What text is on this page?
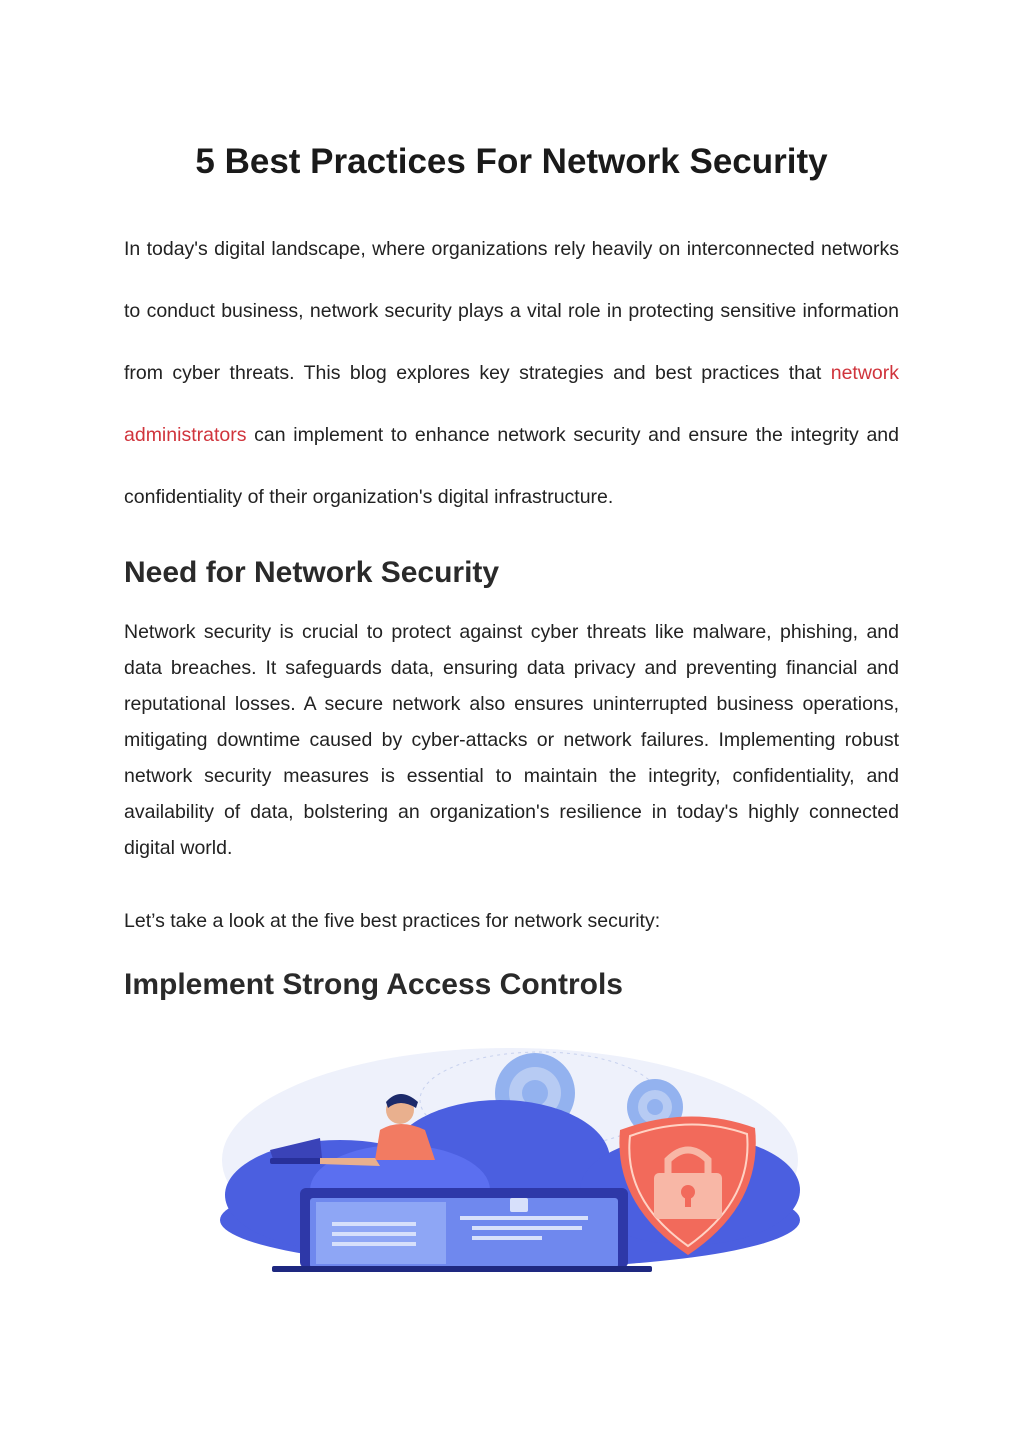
5 Best Practices For Network Security

In today's digital landscape, where organizations rely heavily on interconnected networks to conduct business, network security plays a vital role in protecting sensitive information from cyber threats. This blog explores key strategies and best practices that network administrators can implement to enhance network security and ensure the integrity and confidentiality of their organization's digital infrastructure.

Need for Network Security

Network security is crucial to protect against cyber threats like malware, phishing, and data breaches. It safeguards data, ensuring data privacy and preventing financial and reputational losses. A secure network also ensures uninterrupted business operations, mitigating downtime caused by cyber-attacks or network failures. Implementing robust network security measures is essential to maintain the integrity, confidentiality, and availability of data, bolstering an organization's resilience in today's highly connected digital world.

Let’s take a look at the five best practices for network security:

Implement Strong Access Controls
